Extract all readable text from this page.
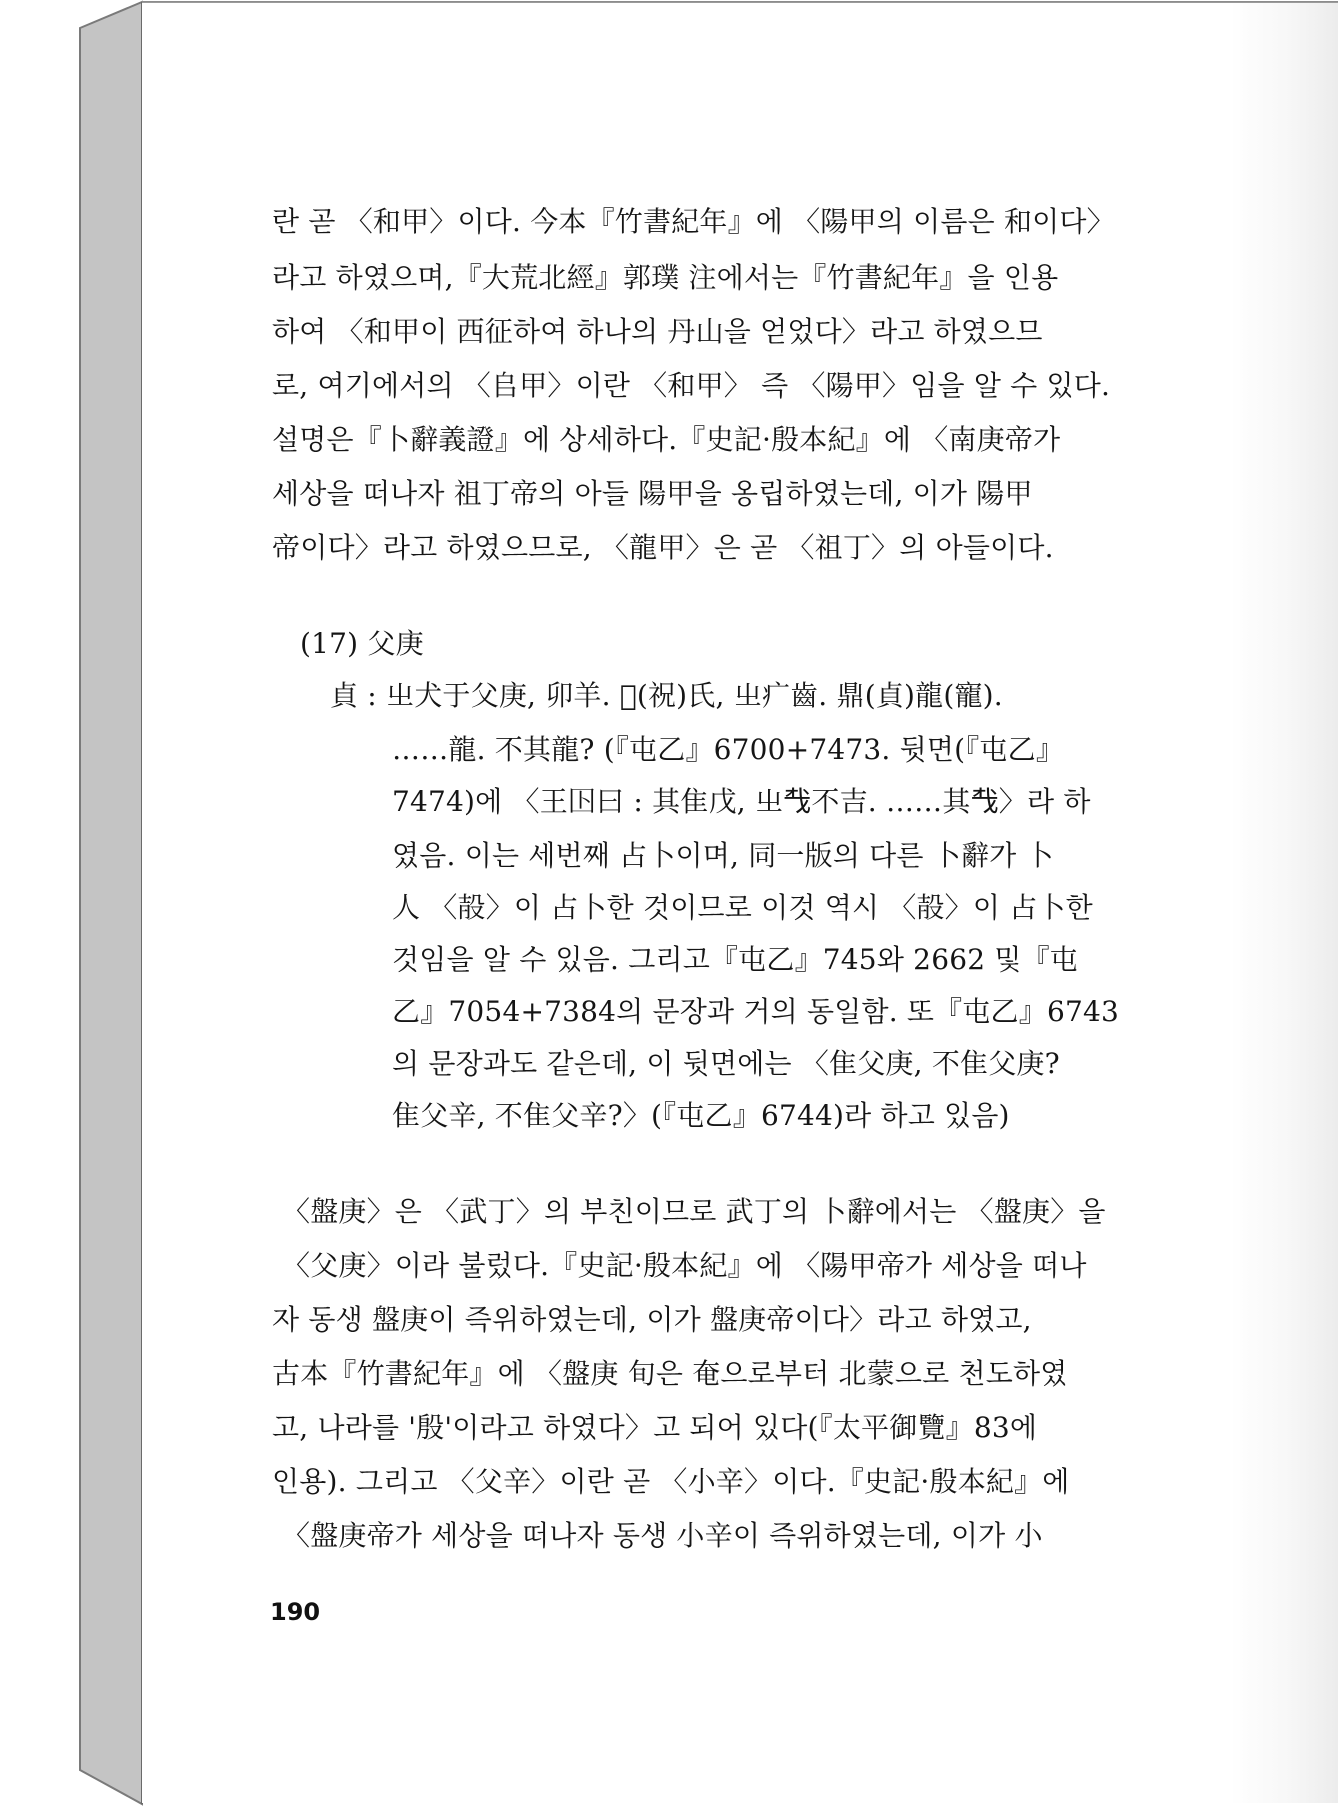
란 곧 〈和甲〉이다. 今本『竹書紀年』에 〈陽甲의 이름은 和이다〉
라고 하였으며,『大荒北經』郭璞 注에서는『竹書紀年』을 인용
하여 〈和甲이 西征하여 하나의 丹山을 얻었다〉라고 하였으므
로, 여기에서의 〈𠂤甲〉이란 〈和甲〉 즉 〈陽甲〉임을 알 수 있다.
설명은『卜辭義證』에 상세하다.『史記·殷本紀』에 〈南庚帝가
세상을 떠나자 祖丁帝의 아들 陽甲을 옹립하였는데, 이가 陽甲
帝이다〉라고 하였으므로, 〈龍甲〉은 곧 〈祖丁〉의 아들이다.
(17) 父庚
貞 : 㞢犬于父庚, 卯羊. 𥙊(祝)氏, 㞢疒齒. 鼎(貞)龍(寵).
……龍. 不其龍? (『屯乙』6700+7473. 뒷면(『屯乙』
7474)에 〈王𡆥曰 : 其隹戊, 㞢𢦔不吉. ……其𢦔〉라 하
였음. 이는 세번째 占卜이며, 同一版의 다른 卜辭가 卜
人 〈㱿〉이 占卜한 것이므로 이것 역시 〈㱿〉이 占卜한
것임을 알 수 있음. 그리고『屯乙』745와 2662 및『屯
乙』7054+7384의 문장과 거의 동일함. 또『屯乙』6743
의 문장과도 같은데, 이 뒷면에는 〈隹父庚, 不隹父庚?
隹父辛, 不隹父辛?〉(『屯乙』6744)라 하고 있음)
〈盤庚〉은 〈武丁〉의 부친이므로 武丁의 卜辭에서는 〈盤庚〉을
〈父庚〉이라 불렀다.『史記·殷本紀』에 〈陽甲帝가 세상을 떠나
자 동생 盤庚이 즉위하였는데, 이가 盤庚帝이다〉라고 하였고,
古本『竹書紀年』에 〈盤庚 旬은 奄으로부터 北蒙으로 천도하였
고, 나라를 '殷'이라고 하였다〉고 되어 있다(『太平御覽』83에
인용). 그리고 〈父辛〉이란 곧 〈小辛〉이다.『史記·殷本紀』에
〈盤庚帝가 세상을 떠나자 동생 小辛이 즉위하였는데, 이가 小
190
